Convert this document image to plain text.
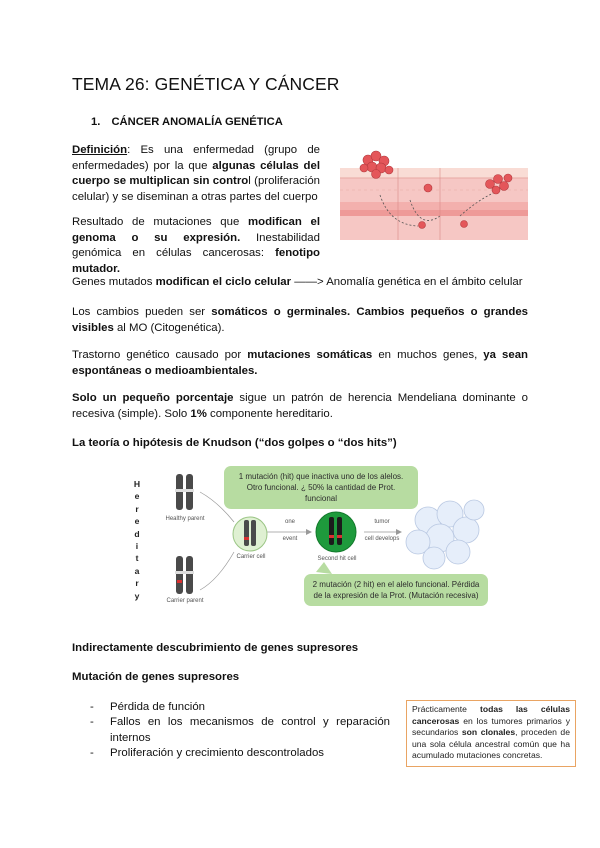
TEMA 26: GENÉTICA Y CÁNCER
1. CÁNCER ANOMALÍA GENÉTICA
Definición: Es una enfermedad (grupo de enfermedades) por la que algunas células del cuerpo se multiplican sin control (proliferación celular) y se diseminan a otras partes del cuerpo
Resultado de mutaciones que modifican el genoma o su expresión. Inestabilidad genómica en células cancerosas: fenotipo mutador.
Genes mutados modifican el ciclo celular ——> Anomalía genética en el ámbito celular
Los cambios pueden ser somáticos o germinales. Cambios pequeños o grandes visibles al MO (Citogenética).
Trastorno genético causado por mutaciones somáticas en muchos genes, ya sean espontáneas o medioambientales.
Solo un pequeño porcentaje sigue un patrón de herencia Mendeliana dominante o recesiva (simple). Solo 1% componente hereditario.
La teoría o hipótesis de Knudson (“dos golpes o “dos hits”)
H
e
r
e
d
i
t
a
r
y
Healthy parent
Carrier parent
Carrier cell	Second hit cell
one
event
tumor
cell develops
1 mutación (hit) que inactiva uno de los alelos. Otro funcional. ¿ 50% la cantidad de Prot. funcional
2 mutación (2 hit) en el alelo funcional. Pérdida de la expresión de la Prot. (Mutación recesiva)
Indirectamente descubrimiento de genes supresores
Mutación de genes supresores
- Pérdida de función
- Fallos en los mecanismos de control y reparación internos
- Proliferación y crecimiento descontrolados
Prácticamente todas las células cancerosas en los tumores primarios y secundarios son clonales, proceden de una sola célula ancestral común que ha acumulado mutaciones concretas.
